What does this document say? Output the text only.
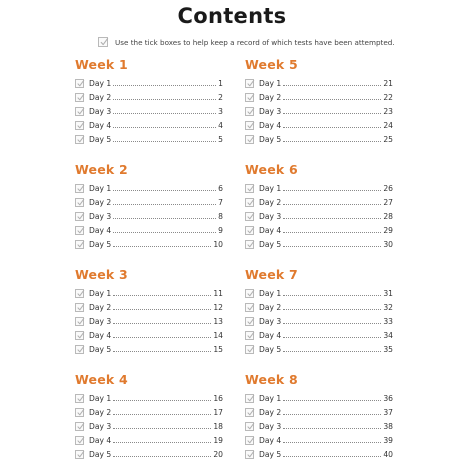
Contents
Use the tick boxes to help keep a record of which tests have been attempted.
Week 1
Day 1	1
Day 2	2
Day 3	3
Day 4	4
Day 5	5
Week 2
Day 1	6
Day 2	7
Day 3	8
Day 4	9
Day 5	10
Week 3
Day 1	11
Day 2	12
Day 3	13
Day 4	14
Day 5	15
Week 4
Day 1	16
Day 2	17
Day 3	18
Day 4	19
Day 5	20
Week 5
Day 1	21
Day 2	22
Day 3	23
Day 4	24
Day 5	25
Week 6
Day 1	26
Day 2	27
Day 3	28
Day 4	29
Day 5	30
Week 7
Day 1	31
Day 2	32
Day 3	33
Day 4	34
Day 5	35
Week 8
Day 1	36
Day 2	37
Day 3	38
Day 4	39
Day 5	40
